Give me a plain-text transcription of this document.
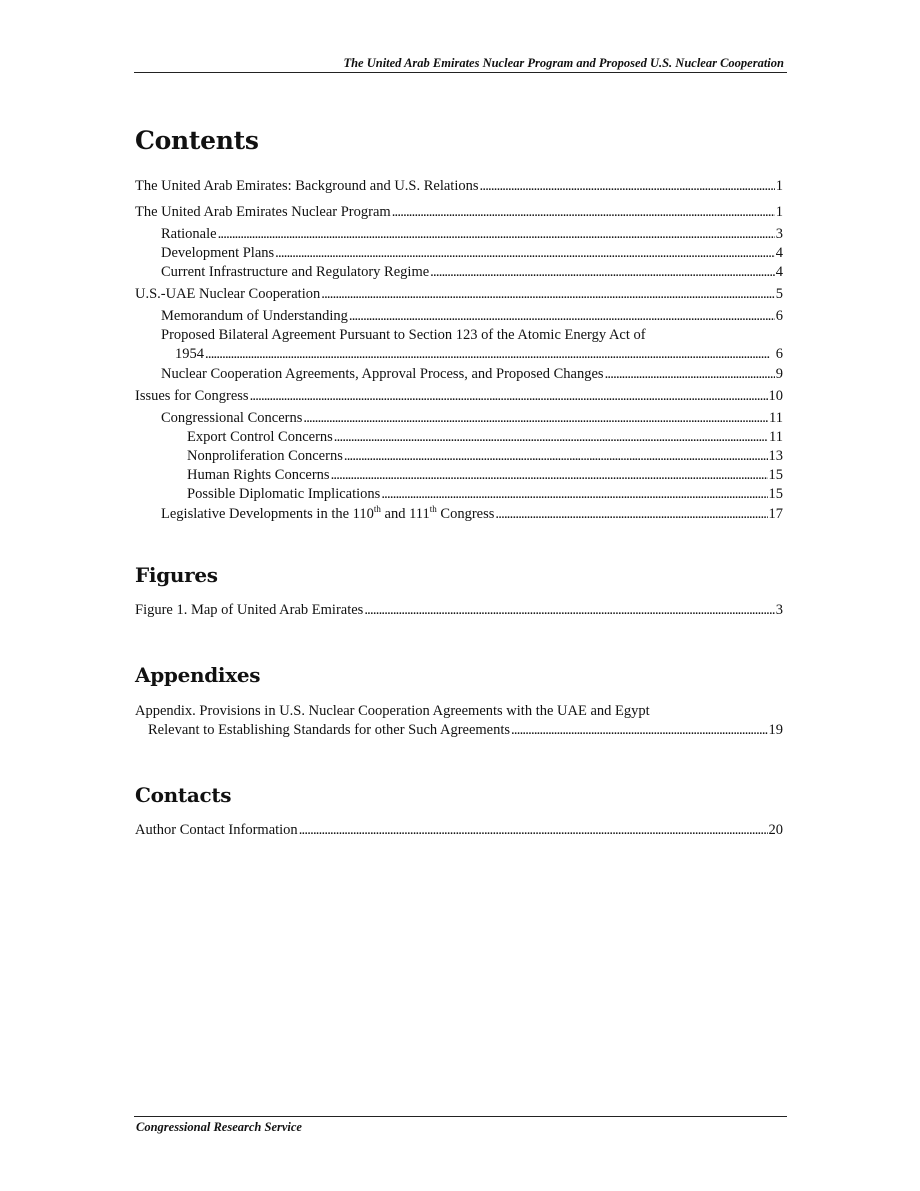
The United Arab Emirates Nuclear Program and Proposed U.S. Nuclear Cooperation
Contents
The United Arab Emirates: Background and U.S. Relations . . .	1
The United Arab Emirates Nuclear Program . . .	1
Rationale . . .	3
Development Plans . . .	4
Current Infrastructure and Regulatory Regime . . .	4
U.S.-UAE Nuclear Cooperation . . .	5
Memorandum of Understanding . . .	6
Proposed Bilateral Agreement Pursuant to Section 123 of the Atomic Energy Act of
1954 . . .	6
Nuclear Cooperation Agreements, Approval Process, and Proposed Changes . . .	9
Issues for Congress . . .	10
Congressional Concerns . . .	11
Export Control Concerns . . .	11
Nonproliferation Concerns . . .	13
Human Rights Concerns . . .	15
Possible Diplomatic Implications . . .	15
Legislative Developments in the 110th and 111th Congress . . .	17
Figures
Figure 1. Map of United Arab Emirates . . .	3
Appendixes
Appendix. Provisions in U.S. Nuclear Cooperation Agreements with the UAE and Egypt
Relevant to Establishing Standards for other Such Agreements . . .	19
Contacts
Author Contact Information . . .	20
Congressional Research Service
